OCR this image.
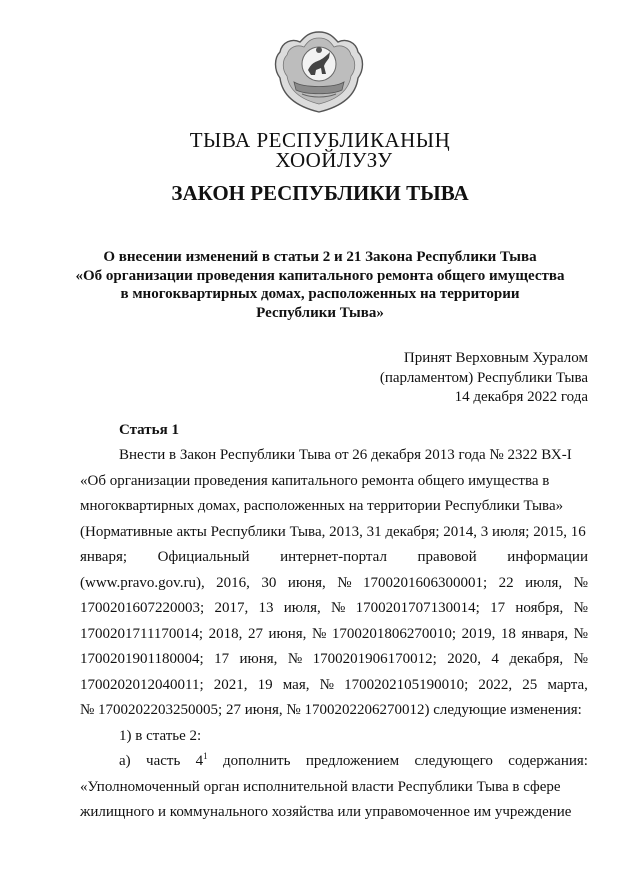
ТЫВА РЕСПУБЛИКАНЫҢ
ХООЙЛУЗУ
ЗАКОН РЕСПУБЛИКИ ТЫВА
О внесении изменений в статьи 2 и 21 Закона Республики Тыва
«Об организации проведения капитального ремонта общего имущества
в многоквартирных домах, расположенных на территории
Республики Тыва»
Принят Верховным Хуралом
(парламентом) Республики Тыва
14 декабря 2022 года
Статья 1
Внести в Закон Республики Тыва от 26 декабря 2013 года № 2322 ВХ-I
«Об организации проведения капитального ремонта общего имущества в
многоквартирных домах, расположенных на территории Республики Тыва»
(Нормативные акты Республики Тыва, 2013, 31 декабря; 2014, 3 июля; 2015, 16
января; Официальный интернет-портал правовой информации
(www.pravo.gov.ru), 2016, 30 июня, № 1700201606300001; 22 июля, №
1700201607220003; 2017, 13 июля, № 1700201707130014; 17 ноября, №
1700201711170014; 2018, 27 июня, № 1700201806270010; 2019, 18 января, №
1700201901180004; 17 июня, № 1700201906170012; 2020, 4 декабря, №
1700202012040011; 2021, 19 мая, № 1700202105190010; 2022, 25 марта,
№ 1700202203250005; 27 июня, № 1700202206270012) следующие изменения:
1) в статье 2:
а) часть $4^1$ дополнить предложением следующего содержания:
«Уполномоченный орган исполнительной власти Республики Тыва в сфере
жилищного и коммунального хозяйства или управомоченное им учреждение
